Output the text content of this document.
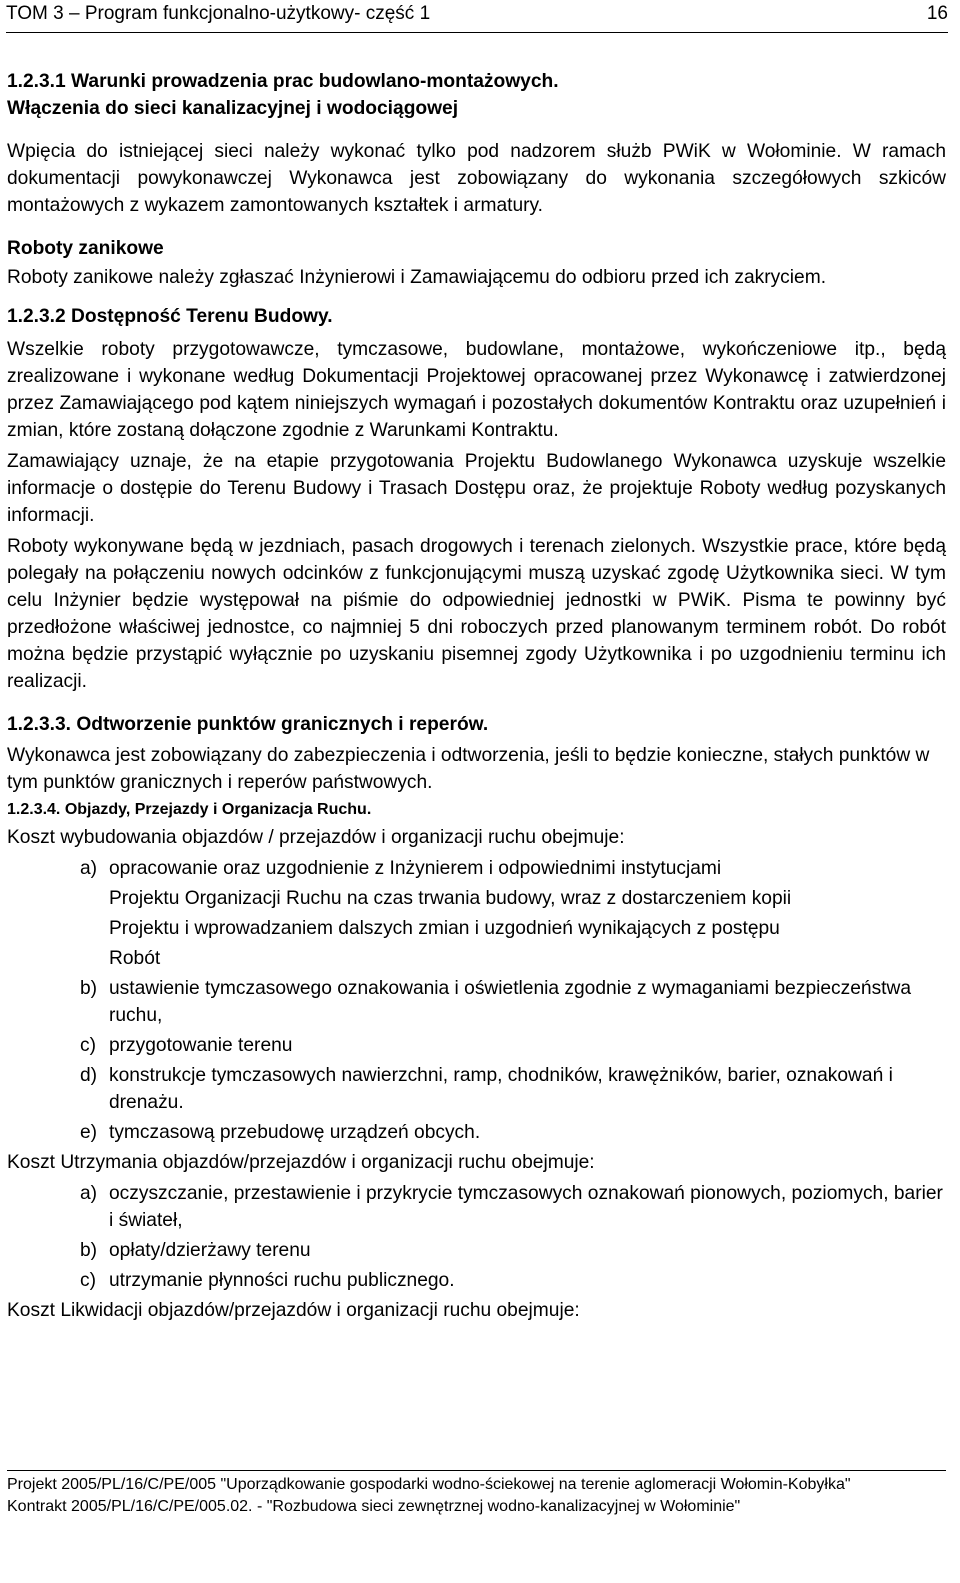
TOM 3 – Program funkcjonalno-użytkowy- część 1	16

1.2.3.1 Warunki prowadzenia prac budowlano-montażowych.

Włączenia do sieci kanalizacyjnej i wodociągowej

Wpięcia do istniejącej sieci należy wykonać tylko pod nadzorem służb PWiK w Wołominie. W ramach dokumentacji powykonawczej Wykonawca jest zobowiązany do wykonania szczegółowych szkiców montażowych z wykazem zamontowanych kształtek i armatury.

Roboty zanikowe

Roboty zanikowe należy zgłaszać Inżynierowi i Zamawiającemu do odbioru przed ich zakryciem.

1.2.3.2 Dostępność Terenu Budowy.

Wszelkie roboty przygotowawcze, tymczasowe, budowlane, montażowe, wykończeniowe itp., będą zrealizowane i wykonane według Dokumentacji Projektowej opracowanej przez Wykonawcę i zatwierdzonej przez Zamawiającego pod kątem niniejszych wymagań i pozostałych dokumentów Kontraktu oraz uzupełnień i zmian, które zostaną dołączone zgodnie z Warunkami Kontraktu.

Zamawiający uznaje, że na etapie przygotowania Projektu Budowlanego Wykonawca uzyskuje wszelkie informacje o dostępie do Terenu Budowy i Trasach Dostępu oraz, że projektuje Roboty według pozyskanych informacji.

Roboty wykonywane będą w jezdniach, pasach drogowych i terenach zielonych. Wszystkie prace, które będą polegały na połączeniu nowych odcinków z funkcjonującymi muszą uzyskać zgodę Użytkownika sieci. W tym celu Inżynier będzie występował na piśmie do odpowiedniej jednostki w PWiK. Pisma te powinny być przedłożone właściwej jednostce, co najmniej 5 dni roboczych przed planowanym terminem robót. Do robót można będzie przystąpić wyłącznie po uzyskaniu pisemnej zgody Użytkownika i po uzgodnieniu terminu ich realizacji.

1.2.3.3. Odtworzenie punktów granicznych i reperów.

Wykonawca jest zobowiązany do zabezpieczenia i odtworzenia, jeśli to będzie konieczne, stałych punktów w tym punktów granicznych i reperów państwowych.

1.2.3.4. Objazdy, Przejazdy i Organizacja Ruchu.

Koszt wybudowania objazdów / przejazdów i organizacji ruchu obejmuje:

a) opracowanie oraz uzgodnienie z Inżynierem i odpowiednimi instytucjami
Projektu Organizacji Ruchu na czas trwania budowy, wraz z dostarczeniem kopii
Projektu i wprowadzaniem dalszych zmian i uzgodnień wynikających z postępu
Robót
b) ustawienie tymczasowego oznakowania i oświetlenia zgodnie z wymaganiami bezpieczeństwa ruchu,
c) przygotowanie terenu
d) konstrukcje tymczasowych nawierzchni, ramp, chodników, krawężników, barier, oznakowań i drenażu.
e) tymczasową przebudowę urządzeń obcych.

Koszt Utrzymania objazdów/przejazdów i organizacji ruchu obejmuje:

a) oczyszczanie, przestawienie i przykrycie tymczasowych oznakowań pionowych, poziomych, barier i świateł,
b) opłaty/dzierżawy terenu
c) utrzymanie płynności ruchu publicznego.

Koszt Likwidacji objazdów/przejazdów i organizacji ruchu obejmuje:

Projekt 2005/PL/16/C/PE/005 "Uporządkowanie gospodarki wodno-ściekowej na terenie aglomeracji Wołomin-Kobyłka"

Kontrakt 2005/PL/16/C/PE/005.02. - "Rozbudowa sieci zewnętrznej wodno-kanalizacyjnej w Wołominie"
